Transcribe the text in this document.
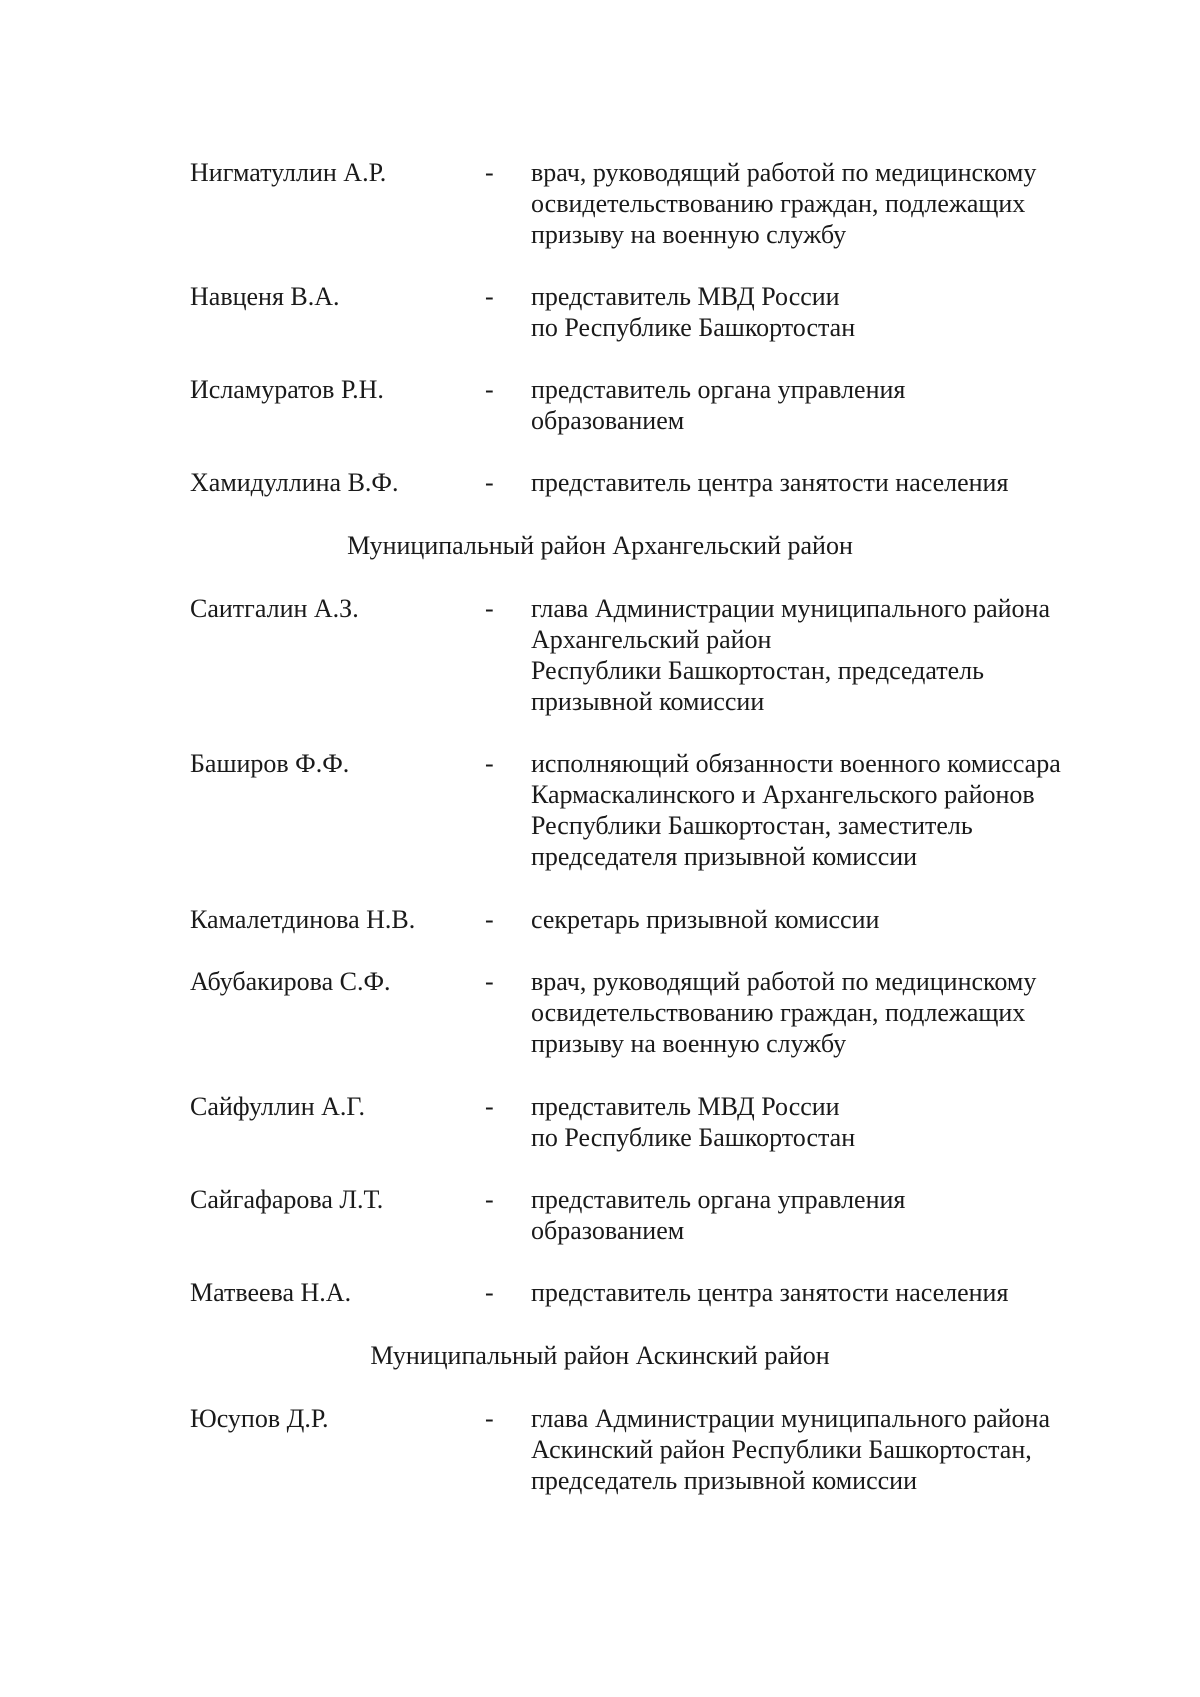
Нигматуллин А.Р.	- врач, руководящий работой по медицинскому
освидетельствованию граждан, подлежащих
призыву на военную службу
Навценя В.А.	- представитель МВД России
по Республике Башкортостан
Исламуратов Р.Н.	- представитель органа управления
образованием
Хамидуллина В.Ф.	- представитель центра занятости населения
Муниципальный район Архангельский район
Саитгалин А.З.	- глава Администрации муниципального района
Архангельский район
Республики Башкортостан, председатель
призывной комиссии
Баширов Ф.Ф.	- исполняющий обязанности военного комиссара
Кармаскалинского и Архангельского районов
Республики Башкортостан, заместитель
председателя призывной комиссии
Камалетдинова Н.В.	- секретарь призывной комиссии
Абубакирова С.Ф.	- врач, руководящий работой по медицинскому
освидетельствованию граждан, подлежащих
призыву на военную службу
Сайфуллин А.Г.	- представитель МВД России
по Республике Башкортостан
Сайгафарова Л.Т.	- представитель органа управления
образованием
Матвеева Н.А.	- представитель центра занятости населения
Муниципальный район Аскинский район
Юсупов Д.Р.	- глава Администрации муниципального района
Аскинский район Республики Башкортостан,
председатель призывной комиссии
